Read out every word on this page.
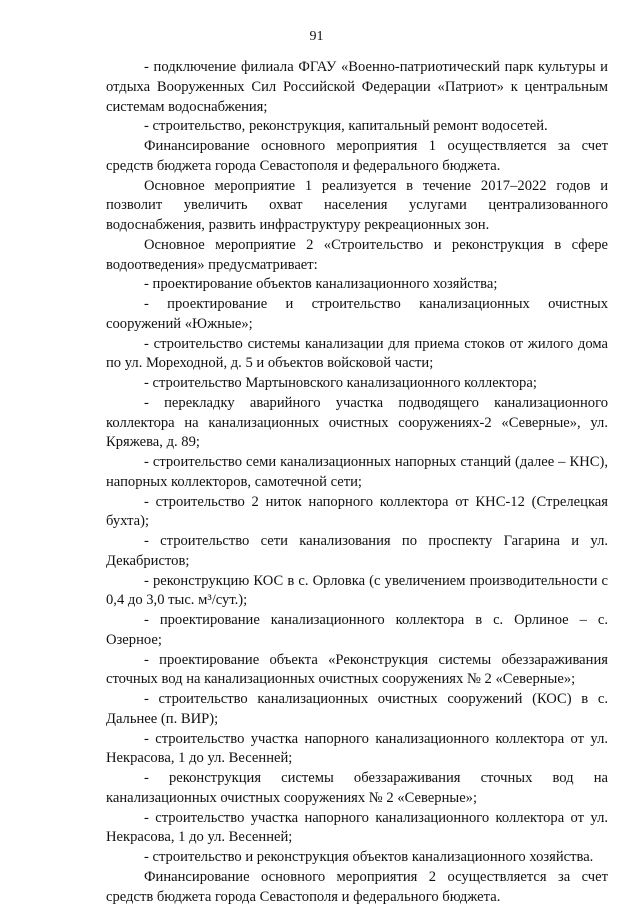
91

- подключение филиала ФГАУ «Военно-патриотический парк культуры и отдыха Вооруженных Сил Российской Федерации «Патриот» к центральным системам водоснабжения;

- строительство, реконструкция, капитальный ремонт водосетей.

Финансирование основного мероприятия 1 осуществляется за счет средств бюджета города Севастополя и федерального бюджета.

Основное мероприятие 1 реализуется в течение 2017–2022 годов и позволит увеличить охват населения услугами централизованного водоснабжения, развить инфраструктуру рекреационных зон.

Основное мероприятие 2 «Строительство и реконструкция в сфере водоотведения» предусматривает:

- проектирование объектов канализационного хозяйства;

- проектирование и строительство канализационных очистных сооружений «Южные»;

- строительство системы канализации для приема стоков от жилого дома по ул. Мореходной, д. 5 и объектов войсковой части;

- строительство Мартыновского канализационного коллектора;

- перекладку аварийного участка подводящего канализационного коллектора на канализационных очистных сооружениях-2 «Северные», ул. Кряжева, д. 89;

- строительство семи канализационных напорных станций (далее – КНС), напорных коллекторов, самотечной сети;

- строительство 2 ниток напорного коллектора от КНС-12 (Стрелецкая бухта);

- строительство сети канализования по проспекту Гагарина и ул. Декабристов;

- реконструкцию КОС в с. Орловка (с увеличением производительности с 0,4 до 3,0 тыс. м³/сут.);

- проектирование канализационного коллектора в с. Орлиное – с. Озерное;

- проектирование объекта «Реконструкция системы обеззараживания сточных вод на канализационных очистных сооружениях № 2 «Северные»;

- строительство канализационных очистных сооружений (КОС) в с. Дальнее (п. ВИР);

- строительство участка напорного канализационного коллектора от ул. Некрасова, 1 до ул. Весенней;

- реконструкция системы обеззараживания сточных вод на канализационных очистных сооружениях № 2 «Северные»;

- строительство участка напорного канализационного коллектора от ул. Некрасова, 1 до ул. Весенней;

- строительство и реконструкция объектов канализационного хозяйства.

Финансирование основного мероприятия 2 осуществляется за счет средств бюджета города Севастополя и федерального бюджета.
